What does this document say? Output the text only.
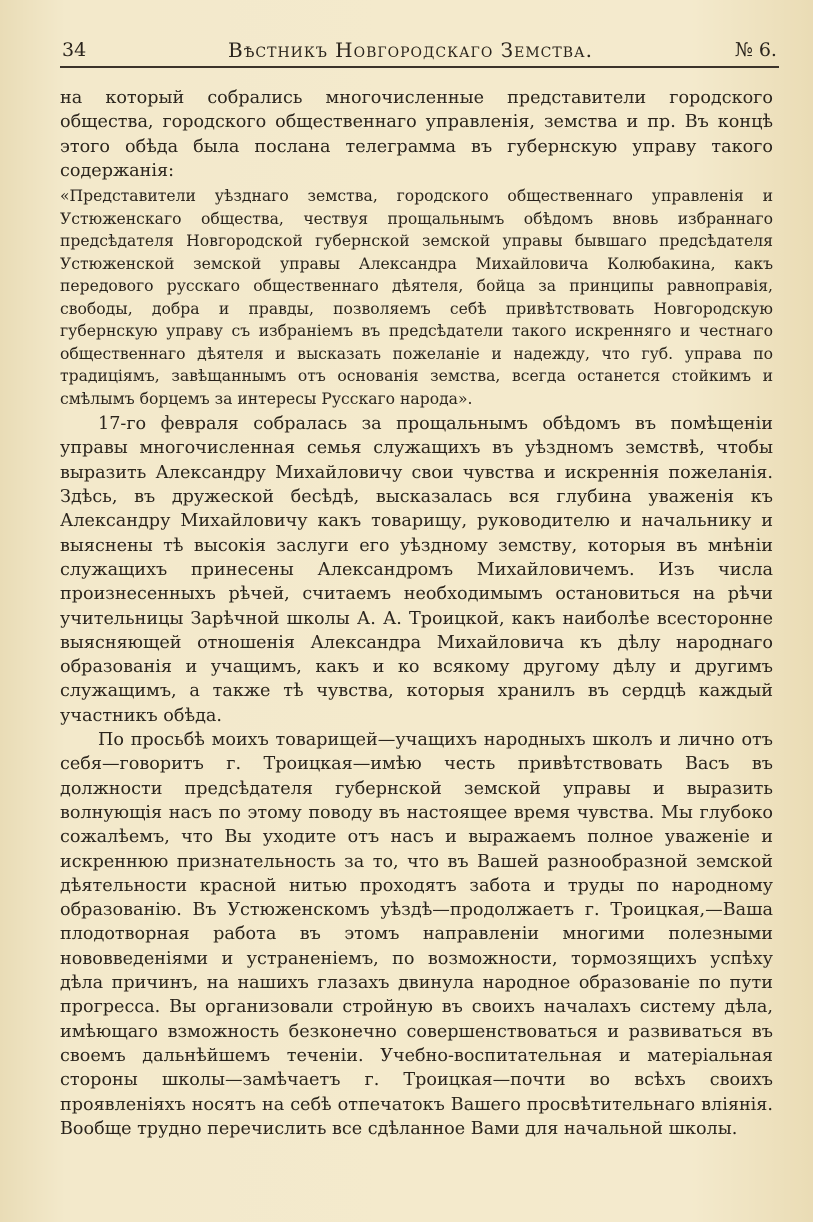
34	Вѣстникъ Новгородскаго Земства.	№ 6.

на который собрались многочисленные представители городского общества, городского общественнаго управленія, земства и пр. Въ концѣ этого обѣда была послана телеграмма въ губернскую управу такого содержанія:

«Представители уѣзднаго земства, городского общественнаго управленія и Устюженскаго общества, чествуя прощальнымъ обѣдомъ вновь избраннаго предсѣдателя Новгородской губернской земской управы бывшаго предсѣдателя Устюженской земской управы Александра Михайловича Колюбакина, какъ передового русскаго общественнаго дѣятеля, бойца за принципы равноправія, свободы, добра и правды, позволяемъ себѣ привѣтствовать Новгородскую губернскую управу съ избраніемъ въ предсѣдатели такого искренняго и честнаго общественнаго дѣятеля и высказать пожеланіе и надежду, что губ. управа по традиціямъ, завѣщаннымъ отъ основанія земства, всегда останется стойкимъ и смѣлымъ борцемъ за интересы Русскаго народа».

17-го февраля собралась за прощальнымъ обѣдомъ въ помѣщеніи управы многочисленная семья служащихъ въ уѣздномъ земствѣ, чтобы выразить Александру Михайловичу свои чувства и искреннія пожеланія. Здѣсь, въ дружеской бесѣдѣ, высказалась вся глубина уваженія къ Александру Михайловичу какъ товарищу, руководителю и начальнику и выяснены тѣ высокія заслуги его уѣздному земству, которыя въ мнѣніи служащихъ принесены Александромъ Михайловичемъ. Изъ числа произнесенныхъ рѣчей, считаемъ необходимымъ остановиться на рѣчи учительницы Зарѣчной школы А. А. Троицкой, какъ наиболѣе всесторонне выясняющей отношенія Александра Михайловича къ дѣлу народнаго образованія и учащимъ, какъ и ко всякому другому дѣлу и другимъ служащимъ, а также тѣ чувства, которыя хранилъ въ сердцѣ каждый участникъ обѣда.

По просьбѣ моихъ товарищей—учащихъ народныхъ школъ и лично отъ себя—говоритъ г. Троицкая—имѣю честь привѣтствовать Васъ въ должности предсѣдателя губернской земской управы и выразить волнующія насъ по этому поводу въ настоящее время чувства. Мы глубоко сожалѣемъ, что Вы уходите отъ насъ и выражаемъ полное уваженіе и искреннюю признательность за то, что въ Вашей разнообразной земской дѣятельности красной нитью проходятъ забота и труды по народному образованію. Въ Устюженскомъ уѣздѣ—продолжаетъ г. Троицкая,—Ваша плодотворная работа въ этомъ направленіи многими полезными нововведеніями и устраненіемъ, по возможности, тормозящихъ успѣху дѣла причинъ, на нашихъ глазахъ двинула народное образованіе по пути прогресса. Вы организовали стройную въ своихъ началахъ систему дѣла, имѣющаго взможность безконечно совершенствоваться и развиваться въ своемъ дальнѣйшемъ теченіи. Учебно-воспитательная и матеріальная стороны школы—замѣчаетъ г. Троицкая—почти во всѣхъ своихъ проявленіяхъ носятъ на себѣ отпечатокъ Вашего просвѣтительнаго вліянія. Вообще трудно перечислить все сдѣланное Вами для начальной школы.
